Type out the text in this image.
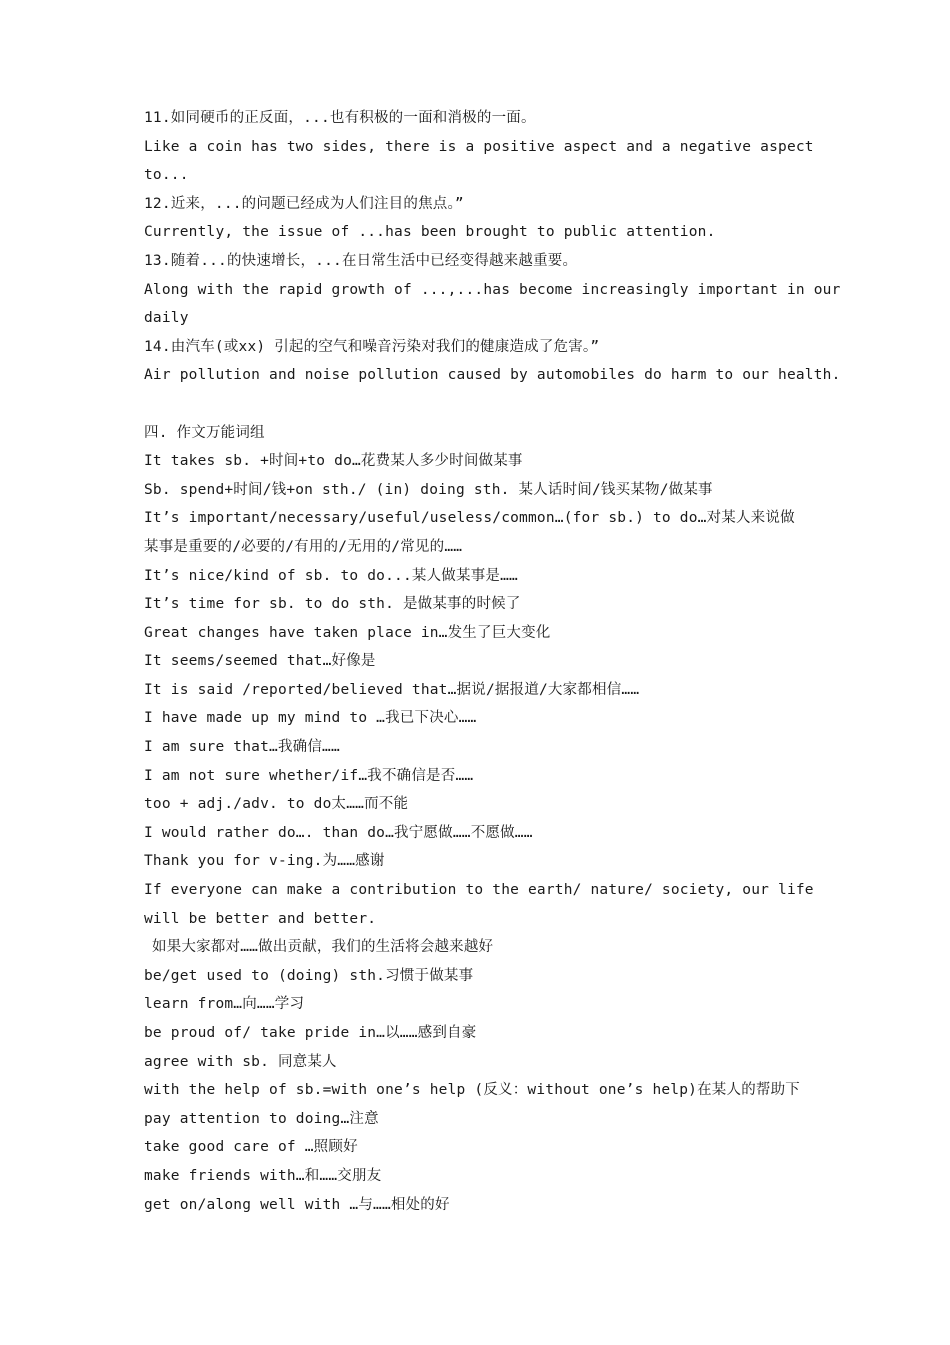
11.如同硬币的正反面，...也有积极的一面和消极的一面。
Like a coin has two sides, there is a positive aspect and a negative aspect
to...
12.近来，...的问题已经成为人们注目的焦点。”
Currently, the issue of ...has been brought to public attention.
13.随着...的快速增长，...在日常生活中已经变得越来越重要。
Along with the rapid growth of ...,...has become increasingly important in our
daily
14.由汽车(或xx) 引起的空气和噪音污染对我们的健康造成了危害。”
Air pollution and noise pollution caused by automobiles do harm to our health.
四. 作文万能词组
It takes sb. +时间+to do…花费某人多少时间做某事
Sb. spend+时间/钱+on sth./ (in) doing sth. 某人话时间/钱买某物/做某事
It’s important/necessary/useful/useless/common…(for sb.) to do…对某人来说做
某事是重要的/必要的/有用的/无用的/常见的……
It’s nice/kind of sb. to do...某人做某事是……
It’s time for sb. to do sth. 是做某事的时候了
Great changes have taken place in…发生了巨大变化
It seems/seemed that…好像是
It is said /reported/believed that…据说/据报道/大家都相信……
I have made up my mind to …我已下决心……
I am sure that…我确信……
I am not sure whether/if…我不确信是否……
too + adj./adv. to do太……而不能
I would rather do…. than do…我宁愿做……不愿做……
Thank you for v-ing.为……感谢
If everyone can make a contribution to the earth/ nature/ society, our life
will be better and better.
如果大家都对……做出贡献，我们的生活将会越来越好
be/get used to (doing) sth.习惯于做某事
learn from…向……学习
be proud of/ take pride in…以……感到自豪
agree with sb. 同意某人
with the help of sb.=with one’s help (反义：without one’s help)在某人的帮助下
pay attention to doing…注意
take good care of …照顾好
make friends with…和……交朋友
get on/along well with …与……相处的好
